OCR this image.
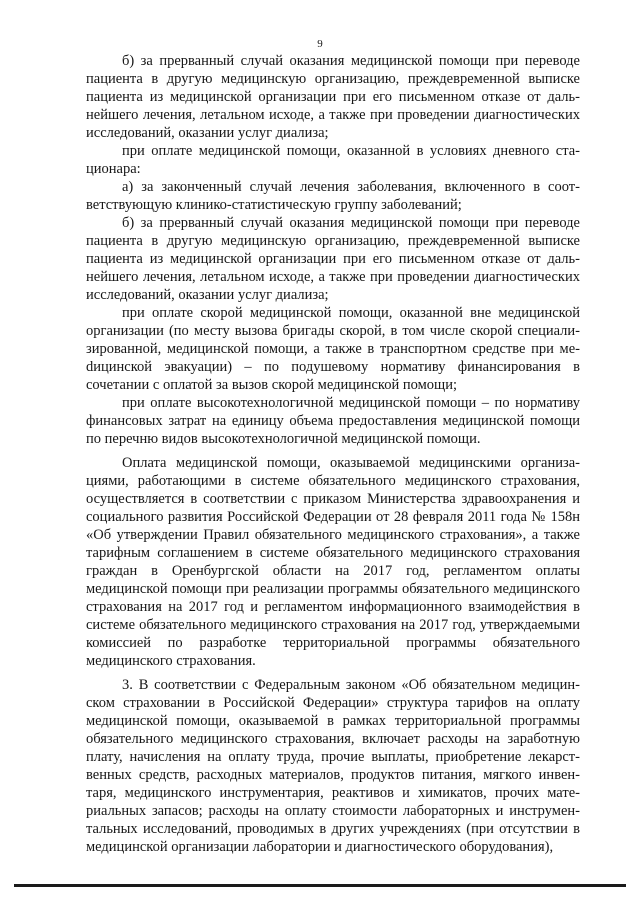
9

б) за прерванный случай оказания медицинской помощи при переводе пациента в другую медицинскую организацию, преждевременной выписке пациента из медицинской организации при его письменном отказе от дальнейшего лечения, летальном исходе, а также при проведении диагностических исследований, оказании услуг диализа;

при оплате медицинской помощи, оказанной в условиях дневного стационара:

а) за законченный случай лечения заболевания, включенного в соответствующую клинико-статистическую группу заболеваний;

б) за прерванный случай оказания медицинской помощи при переводе пациента в другую медицинскую организацию, преждевременной выписке пациента из медицинской организации при его письменном отказе от дальнейшего лечения, летальном исходе, а также при проведении диагностических исследований, оказании услуг диализа;

при оплате скорой медицинской помощи, оказанной вне медицинской организации (по месту вызова бригады скорой, в том числе скорой специализированной, медицинской помощи, а также в транспортном средстве при меdицинской эвакуации) – по подушевому нормативу финансирования в сочетании с оплатой за вызов скорой медицинской помощи;

при оплате высокотехнологичной медицинской помощи – по нормативу финансовых затрат на единицу объема предоставления медицинской помощи по перечню видов высокотехнологичной медицинской помощи.

Оплата медицинской помощи, оказываемой медицинскими организациями, работающими в системе обязательного медицинского страхования, осуществляется в соответствии с приказом Министерства здравоохранения и социального развития Российской Федерации от 28 февраля 2011 года № 158н «Об утверждении Правил обязательного медицинского страхования», а также тарифным соглашением в системе обязательного медицинского страхования граждан в Оренбургской области на 2017 год, регламентом оплаты медицинской помощи при реализации программы обязательного медицинского страхования на 2017 год и регламентом информационного взаимодействия в системе обязательного медицинского страхования на 2017 год, утверждаемыми комиссией по разработке территориальной программы обязательного медицинского страхования.

3. В соответствии с Федеральным законом «Об обязательном медицинском страховании в Российской Федерации» структура тарифов на оплату медицинской помощи, оказываемой в рамках территориальной программы обязательного медицинского страхования, включает расходы на заработную плату, начисления на оплату труда, прочие выплаты, приобретение лекарственных средств, расходных материалов, продуктов питания, мягкого инвентаря, медицинского инструментария, реактивов и химикатов, прочих материальных запасов; расходы на оплату стоимости лабораторных и инструментальных исследований, проводимых в других учреждениях (при отсутствии в медицинской организации лаборатории и диагностического оборудования),
